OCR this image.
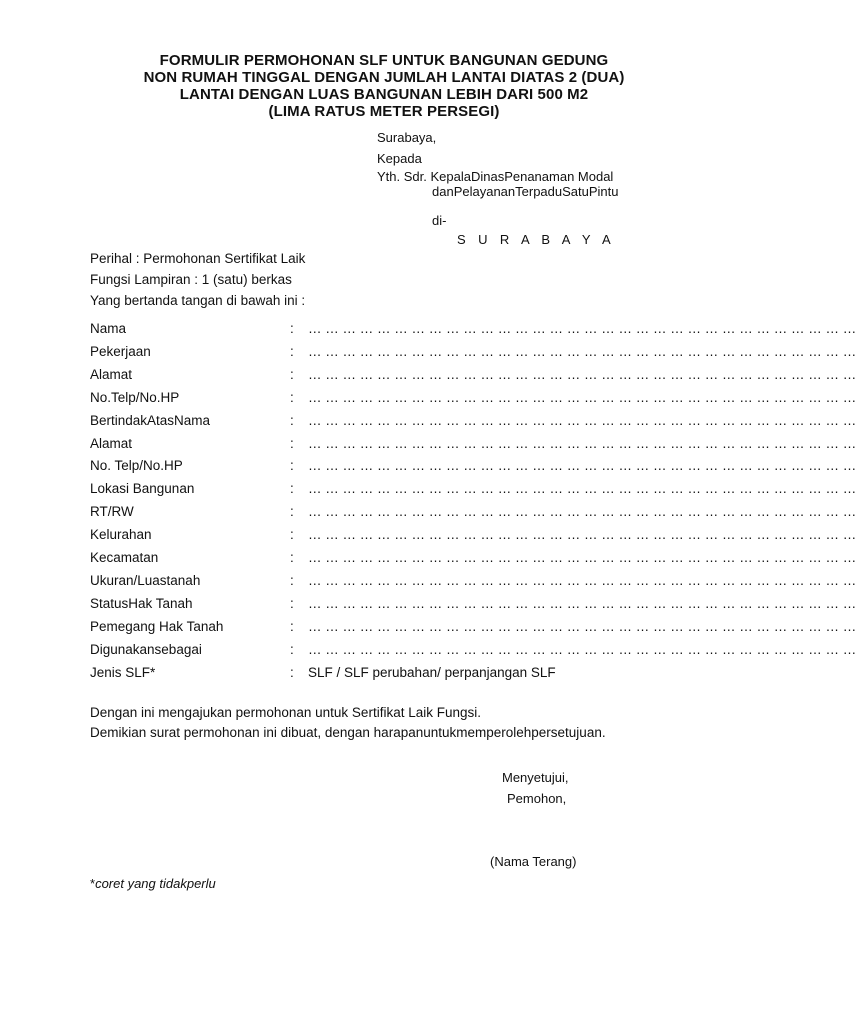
FORMULIR PERMOHONAN SLF UNTUK BANGUNAN GEDUNG
NON RUMAH TINGGAL DENGAN JUMLAH LANTAI DIATAS 2 (DUA)
LANTAI DENGAN LUAS BANGUNAN LEBIH DARI 500 M2
(LIMA RATUS METER PERSEGI)
Surabaya,
Kepada
Yth. Sdr. KepalaDinasPenanaman Modal
danPelayananTerpaduSatuPintu
di-
S U R A B A Y A
Perihal : Permohonan Sertifikat Laik
Fungsi Lampiran : 1 (satu) berkas
Yang bertanda tangan di bawah ini :
Nama	: … … … … … … … … … … … … … … … … … … … … … … … … … … … … … … … …
Pekerjaan	: … … … … … … … … … … … … … … … … … … … … … … … … … … … … … … … …
Alamat	: … … … … … … … … … … … … … … … … … … … … … … … … … … … … … … … …
No.Telp/No.HP	: … … … … … … … … … … … … … … … … … … … … … … … … … … … … … … … …
BertindakAtasNama	: … … … … … … … … … … … … … … … … … … … … … … … … … … … … … … … …
Alamat	: … … … … … … … … … … … … … … … … … … … … … … … … … … … … … … … …
No. Telp/No.HP	: … … … … … … … … … … … … … … … … … … … … … … … … … … … … … … … …
Lokasi Bangunan	: … … … … … … … … … … … … … … … … … … … … … … … … … … … … … … … …
RT/RW	: … … … … … … … … … … … … … … … … … … … … … … … … … … … … … … … …
Kelurahan	: … … … … … … … … … … … … … … … … … … … … … … … … … … … … … … … …
Kecamatan	: … … … … … … … … … … … … … … … … … … … … … … … … … … … … … … … …
Ukuran/Luastanah	: … … … … … … … … … … … … … … … … … … … … … … … … … … … … … … … …
StatusHak Tanah	: … … … … … … … … … … … … … … … … … … … … … … … … … … … … … … … …
Pemegang Hak Tanah	: … … … … … … … … … … … … … … … … … … … … … … … … … … … … … … … …
Digunakansebagai	: … … … … … … … … … … … … … … … … … … … … … … … … … … … … … … … …
Jenis SLF*	: SLF / SLF perubahan/ perpanjangan SLF
Dengan ini mengajukan permohonan untuk Sertifikat Laik Fungsi.
Demikian surat permohonan ini dibuat, dengan harapanuntukmemperolehpersetujuan.
Menyetujui,
Pemohon,
(Nama Terang)
*coret yang tidakperlu
